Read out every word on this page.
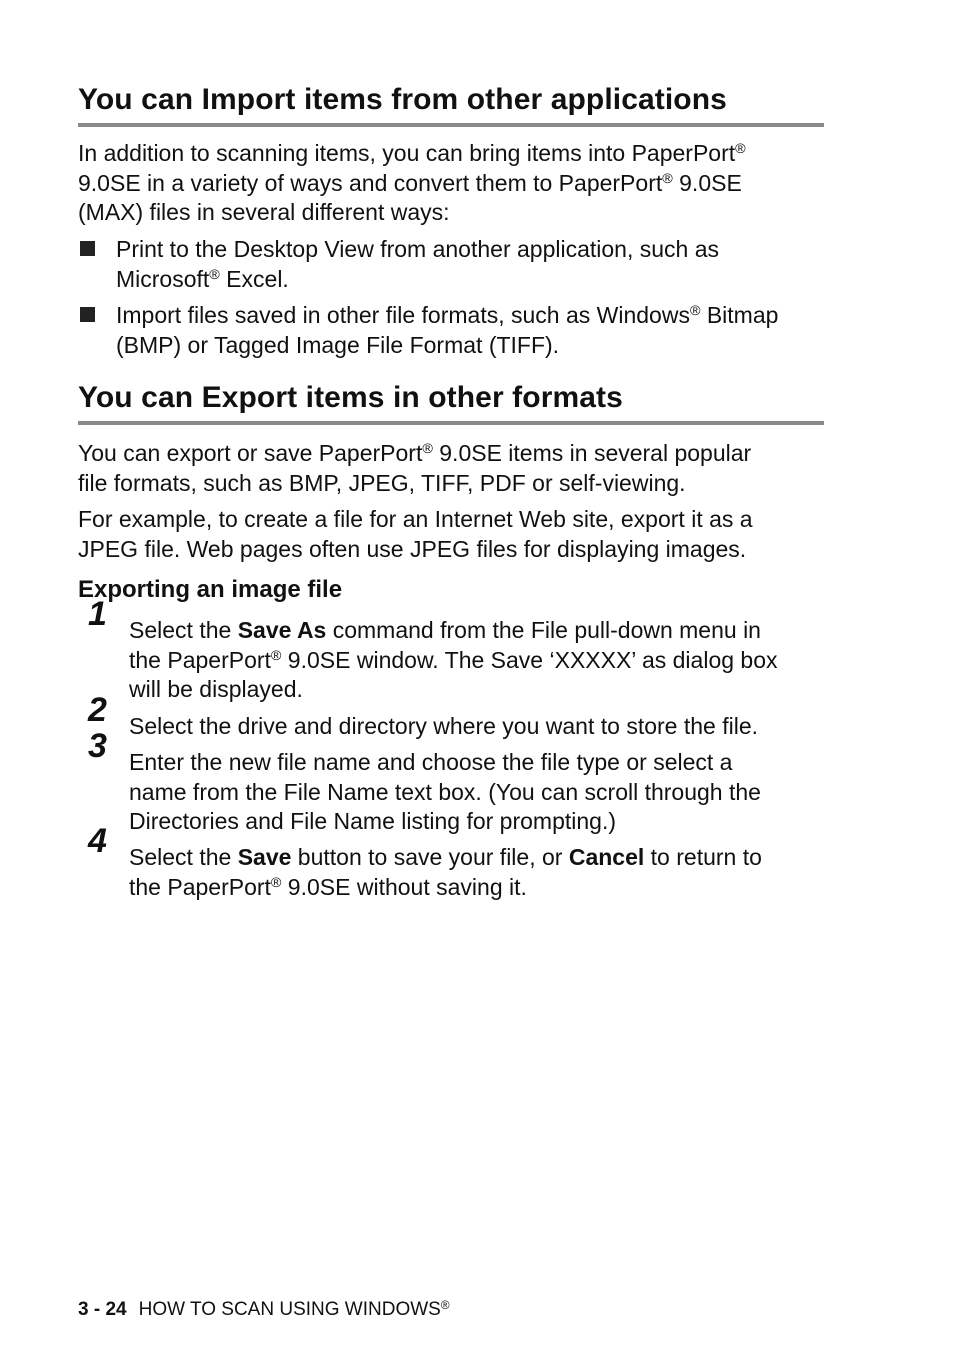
You can Import items from other applications

In addition to scanning items, you can bring items into PaperPort®
9.0SE in a variety of ways and convert them to PaperPort® 9.0SE
(MAX) files in several different ways:

Print to the Desktop View from another application, such as
Microsoft® Excel.
Import files saved in other file formats, such as Windows® Bitmap
(BMP) or Tagged Image File Format (TIFF).
You can Export items in other formats

You can export or save PaperPort® 9.0SE items in several popular
file formats, such as BMP, JPEG, TIFF, PDF or self-viewing.

For example, to create a file for an Internet Web site, export it as a
JPEG file. Web pages often use JPEG files for displaying images.

Exporting an image file
1 Select the Save As command from the File pull-down menu in
the PaperPort® 9.0SE window. The Save ‘XXXXX’ as dialog box
will be displayed.
2 Select the drive and directory where you want to store the file.
3 Enter the new file name and choose the file type or select a
name from the File Name text box. (You can scroll through the
Directories and File Name listing for prompting.)
4 Select the Save button to save your file, or Cancel to return to
the PaperPort® 9.0SE without saving it.
3 - 24 HOW TO SCAN USING WINDOWS®
